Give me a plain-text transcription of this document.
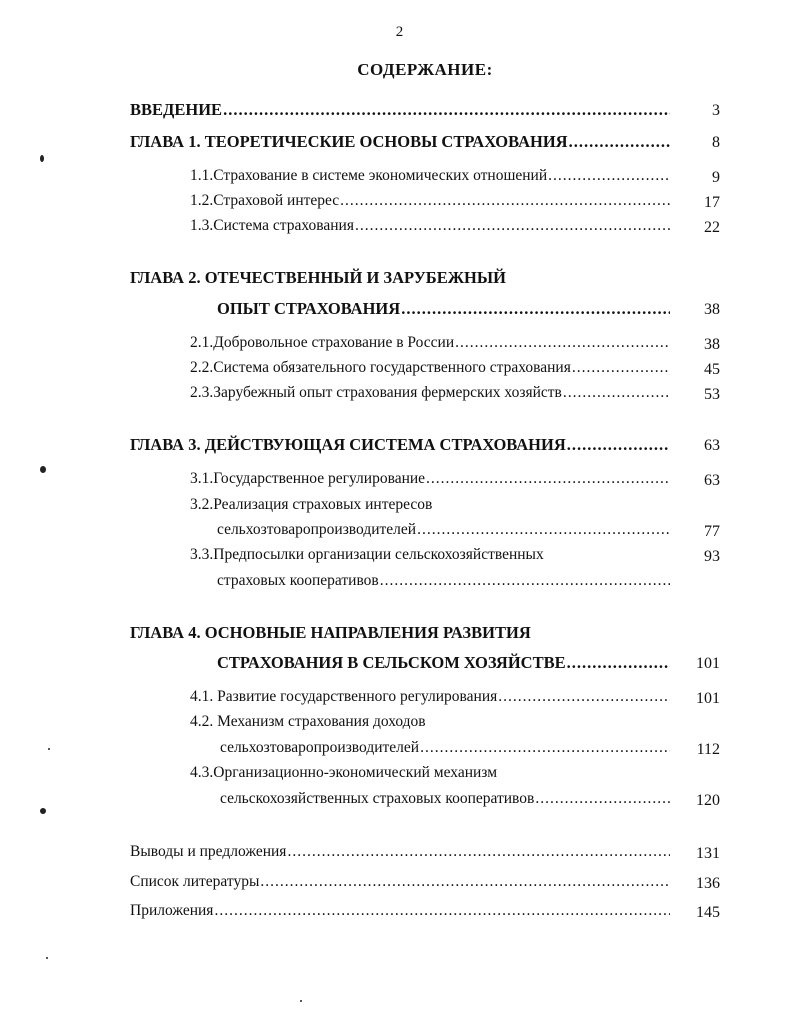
2
СОДЕРЖАНИЕ:
ВВЕДЕНИЕ .....	3
ГЛАВА 1. ТЕОРЕТИЧЕСКИЕ ОСНОВЫ СТРАХОВАНИЯ .....	8
1.1.Страхование в системе экономических отношений .....	9
1.2.Страховой интерес .....	17
1.3.Система страхования .....	22
ГЛАВА 2. ОТЕЧЕСТВЕННЫЙ И ЗАРУБЕЖНЫЙ
ОПЫТ СТРАХОВАНИЯ .....	38
2.1.Добровольное страхование в России .....	38
2.2.Система обязательного государственного страхования .....	45
2.3.Зарубежный опыт страхования фермерских хозяйств .....	53
ГЛАВА 3. ДЕЙСТВУЮЩАЯ СИСТЕМА СТРАХОВАНИЯ .....	63
3.1.Государственное регулирование .....	63
3.2.Реализация страховых интересов
сельхозтоваропроизводителей .....	77
3.3.Предпосылки организации сельскохозяйственных	93
страховых кооперативов
.....
ГЛАВА 4. ОСНОВНЫЕ НАПРАВЛЕНИЯ РАЗВИТИЯ
СТРАХОВАНИЯ В СЕЛЬСКОМ ХОЗЯЙСТВЕ .....	101
4.1. Развитие государственного регулирования .....	101
4.2. Механизм страхования доходов
сельхозтоваропроизводителей .....	112
4.3.Организационно-экономический механизм
сельскохозяйственных страховых кооперативов .....	120
Выводы и предложения .....	131
Список литературы .....	136
Приложения .....	145
